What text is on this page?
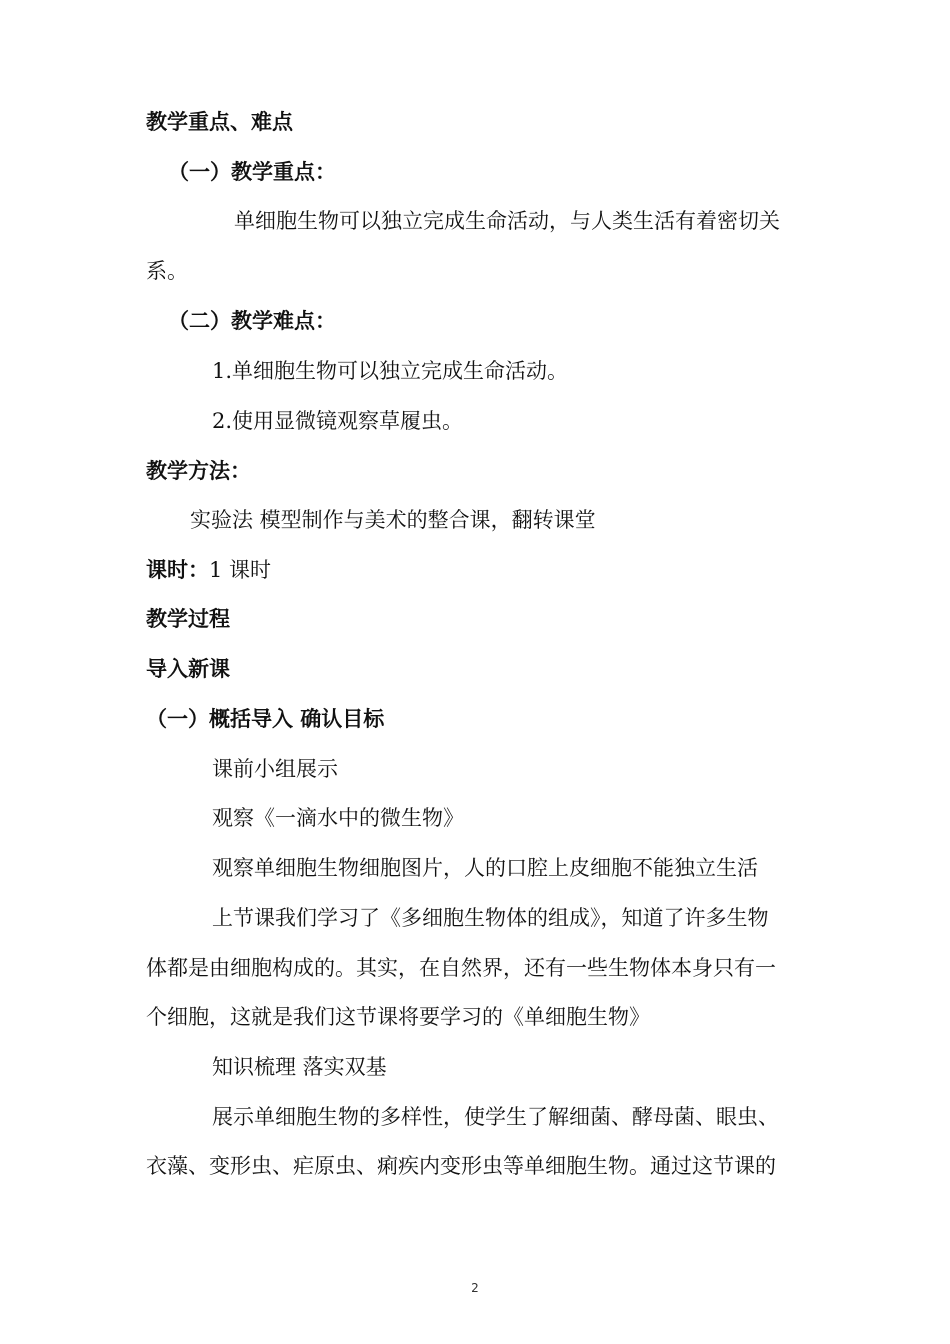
教学重点、难点
（一）教学重点：
单细胞生物可以独立完成生命活动，与人类生活有着密切关
系。
（二）教学难点：
1.单细胞生物可以独立完成生命活动。
2.使用显微镜观察草履虫。
教学方法：
实验法 模型制作与美术的整合课，翻转课堂
课时：1 课时
教学过程
导入新课
（一）概括导入 确认目标
课前小组展示
观察《一滴水中的微生物》
观察单细胞生物细胞图片，人的口腔上皮细胞不能独立生活
上节课我们学习了《多细胞生物体的组成》，知道了许多生物
体都是由细胞构成的。其实，在自然界，还有一些生物体本身只有一
个细胞，这就是我们这节课将要学习的《单细胞生物》
知识梳理 落实双基
展示单细胞生物的多样性，使学生了解细菌、酵母菌、眼虫、
衣藻、变形虫、疟原虫、痢疾内变形虫等单细胞生物。通过这节课的
2
